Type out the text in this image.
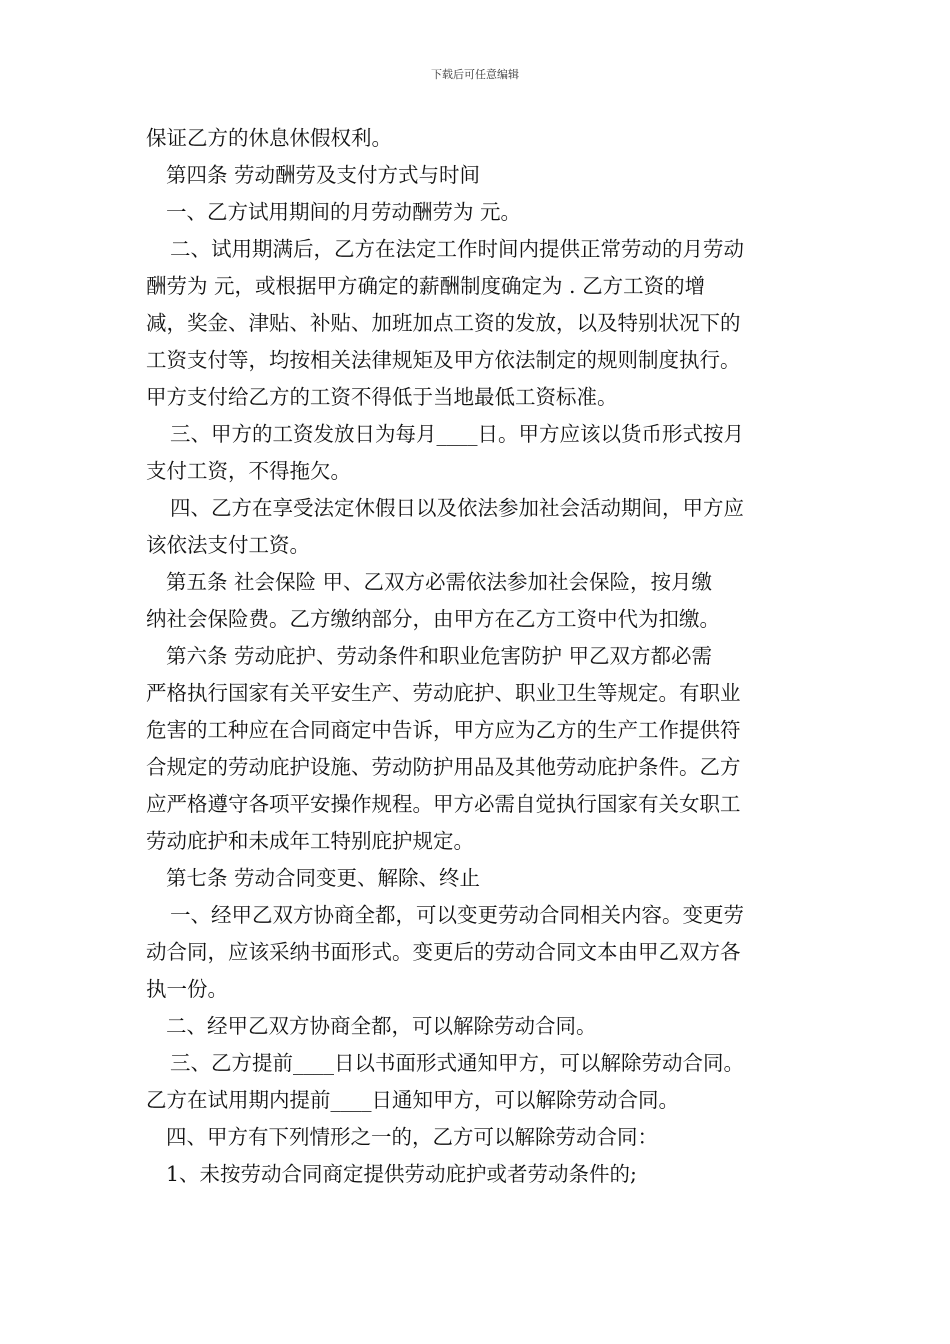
下载后可任意编辑
保证乙方的休息休假权利。
第四条 劳动酬劳及支付方式与时间
一、乙方试用期间的月劳动酬劳为 元。
二、试用期满后，乙方在法定工作时间内提供正常劳动的月劳动
酬劳为 元，或根据甲方确定的薪酬制度确定为 . 乙方工资的增
减，奖金、津贴、补贴、加班加点工资的发放，以及特别状况下的
工资支付等，均按相关法律规矩及甲方依法制定的规则制度执行。
甲方支付给乙方的工资不得低于当地最低工资标准。
三、甲方的工资发放日为每月____日。甲方应该以货币形式按月
支付工资，不得拖欠。
四、乙方在享受法定休假日以及依法参加社会活动期间，甲方应
该依法支付工资。
第五条 社会保险 甲、乙双方必需依法参加社会保险，按月缴
纳社会保险费。乙方缴纳部分，由甲方在乙方工资中代为扣缴。
第六条 劳动庇护、劳动条件和职业危害防护 甲乙双方都必需
严格执行国家有关平安生产、劳动庇护、职业卫生等规定。有职业
危害的工种应在合同商定中告诉，甲方应为乙方的生产工作提供符
合规定的劳动庇护设施、劳动防护用品及其他劳动庇护条件。乙方
应严格遵守各项平安操作规程。甲方必需自觉执行国家有关女职工
劳动庇护和未成年工特别庇护规定。
第七条 劳动合同变更、解除、终止
一、经甲乙双方协商全都，可以变更劳动合同相关内容。变更劳
动合同，应该采纳书面形式。变更后的劳动合同文本由甲乙双方各
执一份。
二、经甲乙双方协商全都，可以解除劳动合同。
三、乙方提前____日以书面形式通知甲方，可以解除劳动合同。
乙方在试用期内提前____日通知甲方，可以解除劳动合同。
四、甲方有下列情形之一的，乙方可以解除劳动合同：
1、未按劳动合同商定提供劳动庇护或者劳动条件的;
